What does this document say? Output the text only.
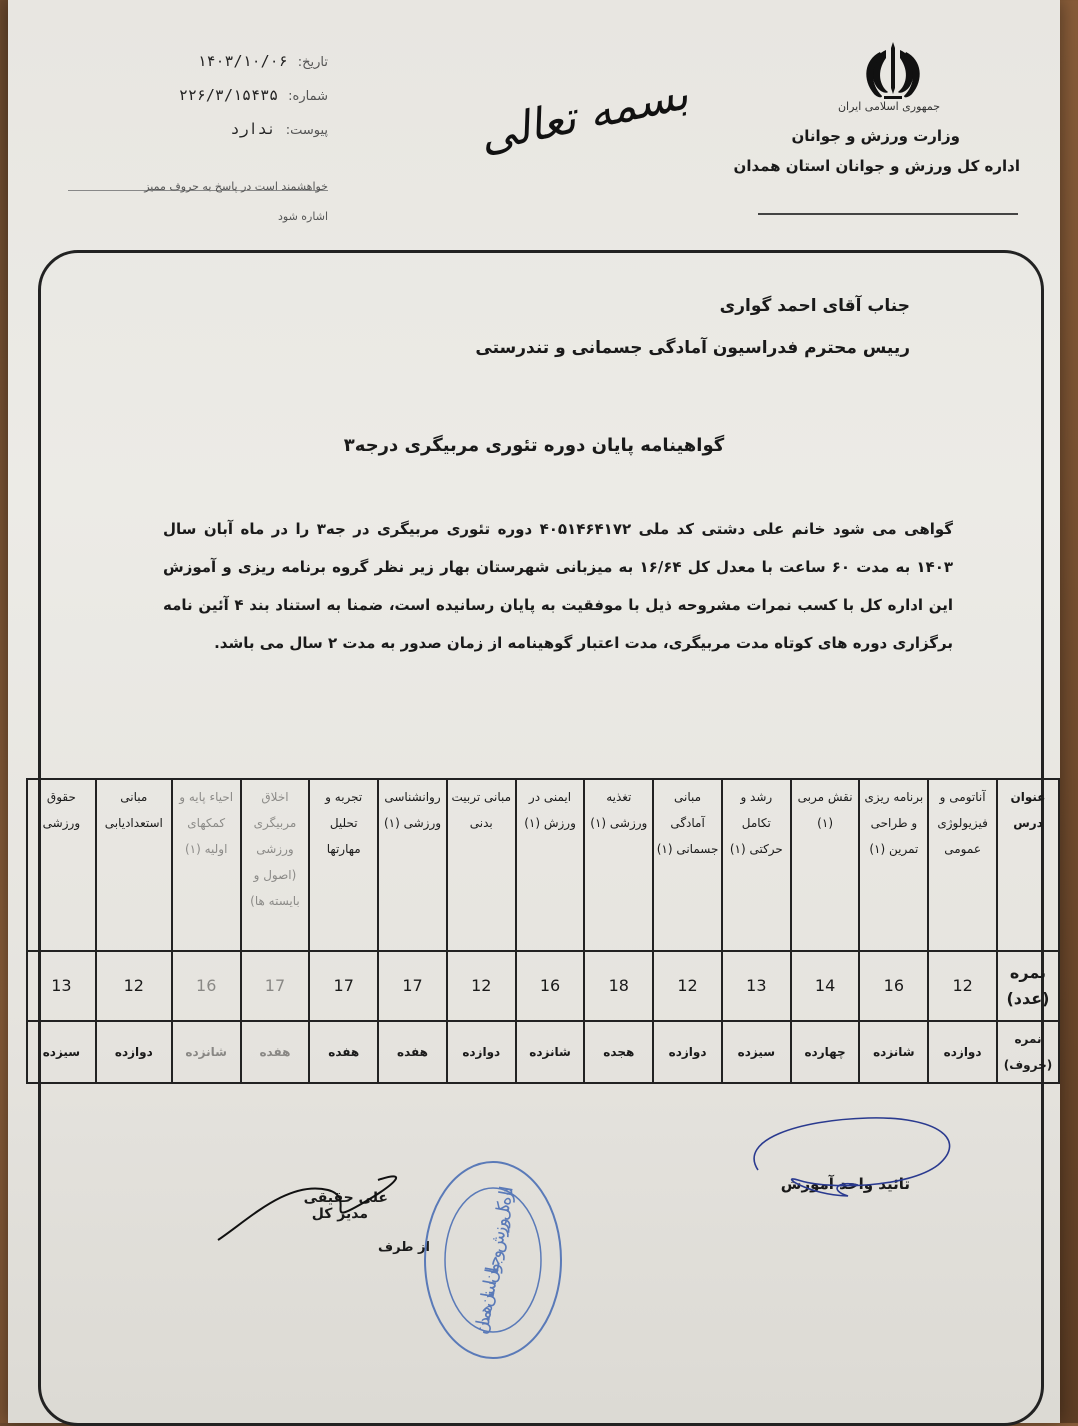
تاریخ:
۱۴۰۳/۱۰/۰۶
شماره:
۲۲۶/۳/۱۵۴۳۵
پیوست:
ندارد
خواهشمند است در پاسخ به حروف ممیز
اشاره شود
بسمه تعالی	جمهوری اسلامی ایران
وزارت ورزش و جوانان
اداره کل ورزش و جوانان استان همدان
جناب آقای احمد گواری
رییس محترم فدراسیون آمادگی جسمانی و تندرستی
گواهینامه پایان دوره تئوری مربیگری درجه۳
گواهی می شود خانم علی دشتی کد ملی ۴۰۵۱۴۶۴۱۷۲ دوره تئوری مربیگری در جه۳ را در ماه آبان سال ۱۴۰۳ به مدت ۶۰ ساعت با معدل کل ۱۶/۶۴ به میزبانی شهرستان بهار زیر نظر گروه برنامه ریزی و آموزش این اداره کل با کسب نمرات مشروحه ذیل با موفقیت به پایان رسانیده است، ضمنا به استناد بند ۴ آئین نامه برگزاری دوره های کوتاه مدت مربیگری، مدت اعتبار گوهینامه از زمان صدور به مدت ۲ سال می باشد.
عنوان درس	آناتومی و فیزیولوژی عمومی	برنامه ریزی و طراحی تمرین (۱)	نقش مربی (۱)	رشد و تکامل حرکتی (۱)	مبانی آمادگی جسمانی (۱)	تغذیه ورزشی (۱)	ایمنی در ورزش (۱)	مبانی تربیت بدنی	روانشناسی ورزشی (۱)	تجربه و تحلیل مهارتها	اخلاق مربیگری ورزشی (اصول و بایسته ها)	احیاء پایه و کمکهای اولیه (۱)	مبانی استعدادیابی	حقوق ورزشی
نمره (عدد)	12	16	14	13	12	18	16	12	17	17	17	16	12	13
نمره (حروف)	دوازده	شانزده	چهارده	سیزده	دوازده	هجده	شانزده	دوازده	هفده	هفده	هفده	شانزده	دوازده	سیزده
تائید واحد آموزش
علی حقیقی
مدیر کل
از طرف
اداره کل ورزش و جوانان استان همدان
